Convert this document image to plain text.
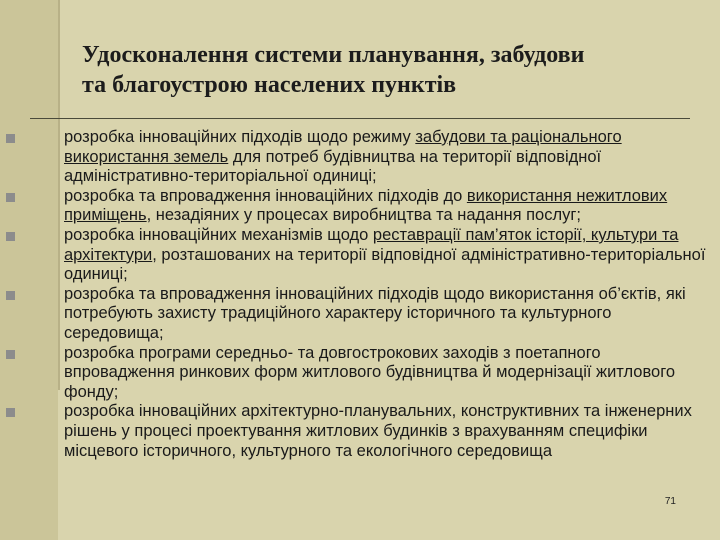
Удосконалення системи планування, забудови
та благоустрою населених пунктів
розробка інноваційних підходів щодо режиму забудови та раціонального використання земель для потреб будівництва на території відповідної адміністративно-територіальної одиниці;
розробка та впровадження інноваційних підходів до використання нежитлових приміщень, незадіяних у процесах виробництва та надання послуг;
розробка інноваційних механізмів щодо реставрації пам’яток історії, культури та архітектури, розташованих на території відповідної адміністративно-територіальної одиниці;
розробка та впровадження інноваційних підходів щодо використання об’єктів, які потребують захисту традиційного характеру історичного та культурного середовища;
розробка програми середньо- та довгострокових заходів з поетапного впровадження ринкових форм житлового будівництва й модернізації житлового фонду;
розробка інноваційних архітектурно-планувальних, конструктивних та інженерних рішень у процесі проектування житлових будинків з врахуванням специфіки місцевого історичного, культурного та екологічного середовища
71
